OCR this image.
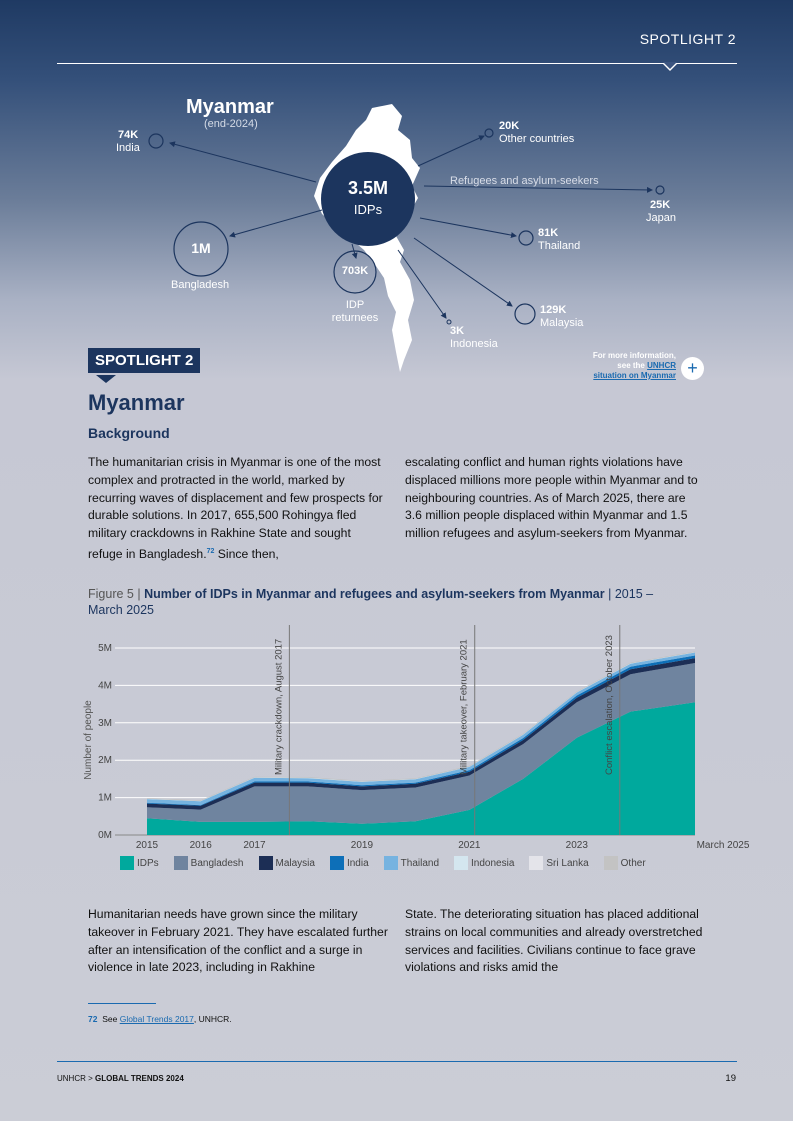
SPOTLIGHT 2
Myanmar
(end-2024)
3.5M
IDPs
Refugees and asylum-seekers
74K
India
1M
Bangladesh
703K
IDP returnees
20K
Other countries
25K
Japan
81K
Thailand
129K
Malaysia
3K
Indonesia
SPOTLIGHT 2	For more information,
see the UNHCR
situation on Myanmar +
Myanmar
Background
The humanitarian crisis in Myanmar is one of the most complex and protracted in the world, marked by recurring waves of displacement and few prospects for durable solutions. In 2017, 655,500 Rohingya fled military crackdowns in Rakhine State and sought refuge in Bangladesh.$^{72}$ Since then,
escalating conflict and human rights violations have displaced millions more people within Myanmar and to neighbouring countries. As of March 2025, there are 3.6 million people displaced within Myanmar and 1.5 million refugees and asylum-seekers from Myanmar.
Figure 5 | Number of IDPs in Myanmar and refugees and asylum-seekers from Myanmar | 2015 – March 2025
0M
1M
2M
3M
4M
5M	Military crackdown, August 2017	Military takeover, February 2021	Conflict escalation, October 2023
2015	2016	2017	2019	2021	2023	March 2025
Number of people
IDPs	Bangladesh	Malaysia	India	Thailand	Indonesia	Sri Lanka	Other
Humanitarian needs have grown since the military takeover in February 2021. They have escalated further after an intensification of the conflict and a surge in violence in late 2023, including in Rakhine
State. The deteriorating situation has placed additional strains on local communities and already overstretched services and facilities. Civilians continue to face grave violations and risks amid the
72 See Global Trends 2017, UNHCR.
UNHCR > GLOBAL TRENDS 2024	19
